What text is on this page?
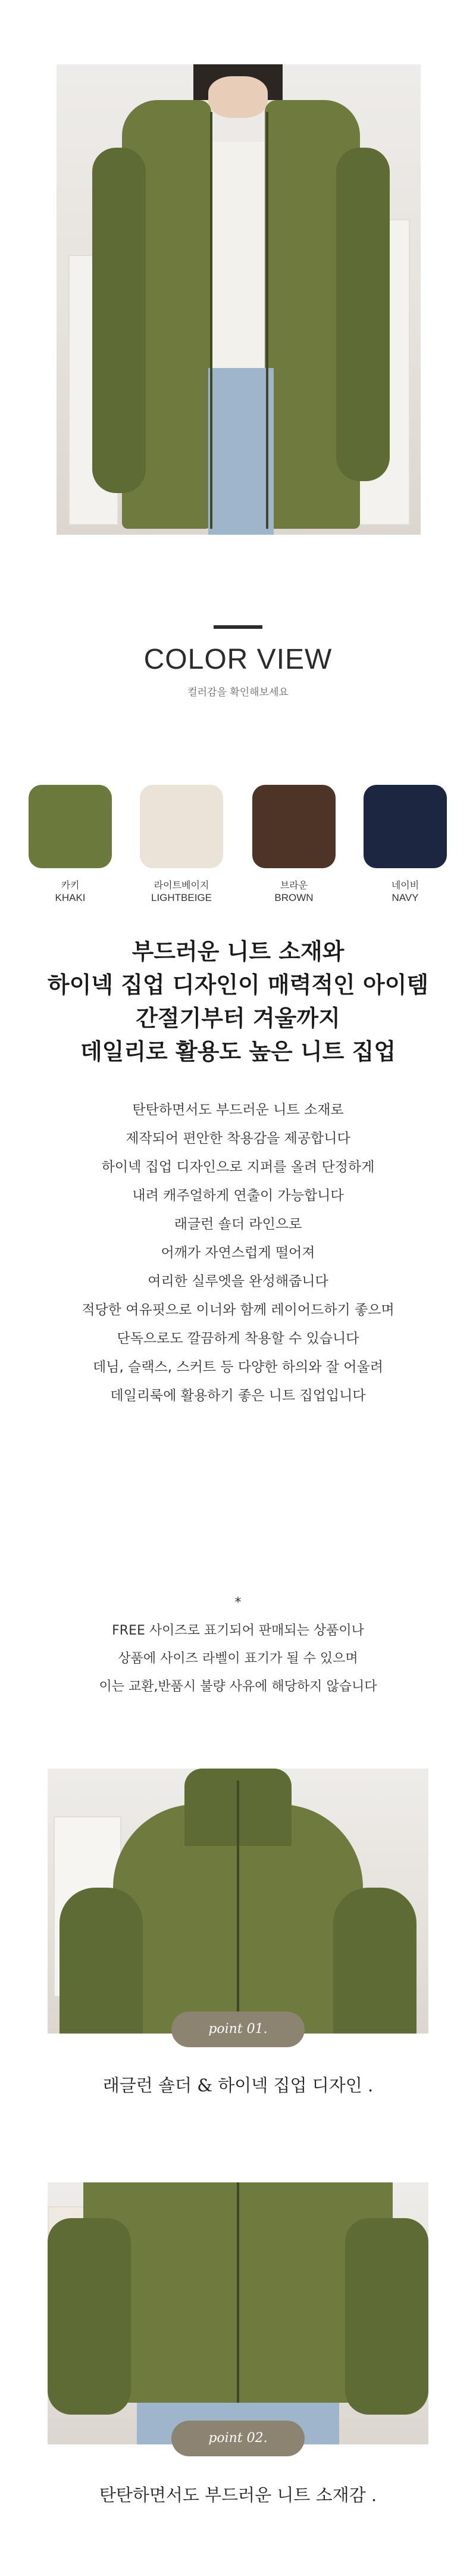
COLOR VIEW
컬러감을 확인해보세요
카키
KHAKI
라이트베이지
LIGHTBEIGE
브라운
BROWN
네이비
NAVY
부드러운 니트 소재와
하이넥 집업 디자인이 매력적인 아이템
간절기부터 겨울까지
데일리로 활용도 높은 니트 집업
탄탄하면서도 부드러운 니트 소재로
제작되어 편안한 착용감을 제공합니다
하이넥 집업 디자인으로 지퍼를 올려 단정하게
내려 캐주얼하게 연출이 가능합니다
래글런 숄더 라인으로
어깨가 자연스럽게 떨어져
여리한 실루엣을 완성해줍니다
적당한 여유핏으로 이너와 함께 레이어드하기 좋으며
단독으로도 깔끔하게 착용할 수 있습니다
데님, 슬랙스, 스커트 등 다양한 하의와 잘 어울려
데일리룩에 활용하기 좋은 니트 집업입니다
*
FREE 사이즈로 표기되어 판매되는 상품이나
상품에 사이즈 라벨이 표기가 될 수 있으며
이는 교환,반품시 불량 사유에 해당하지 않습니다
point 01.
래글런 숄더 & 하이넥 집업 디자인 .
point 02.
탄탄하면서도 부드러운 니트 소재감 .
